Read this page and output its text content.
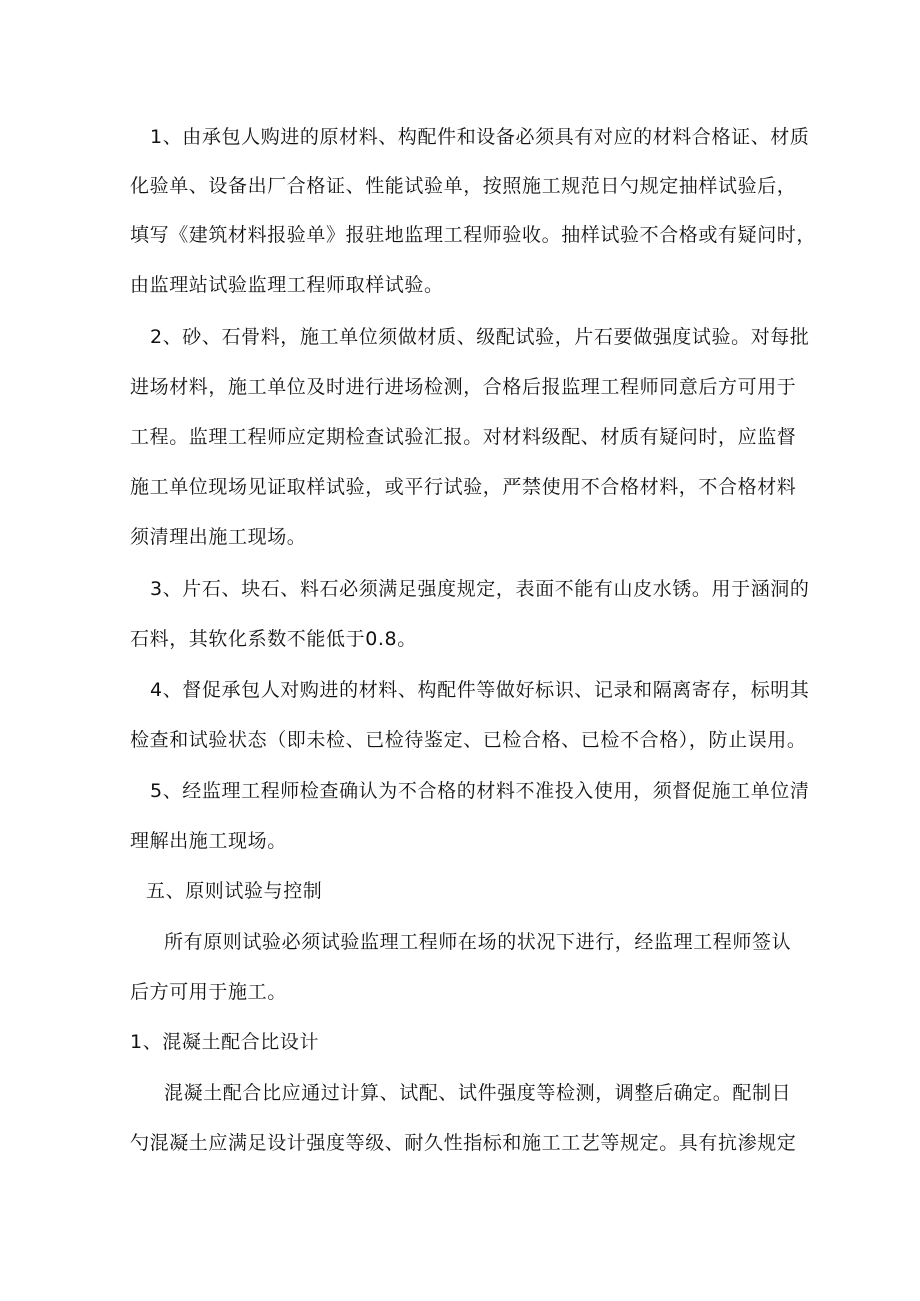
1、由承包人购进的原材料、构配件和设备必须具有对应的材料合格证、材质
化验单、设备出厂合格证、性能试验单，按照施工规范日勺规定抽样试验后，
填写《建筑材料报验单》报驻地监理工程师验收。抽样试验不合格或有疑问时，
由监理站试验监理工程师取样试验。
2、砂、石骨料，施工单位须做材质、级配试验，片石要做强度试验。对每批
进场材料，施工单位及时进行进场检测，合格后报监理工程师同意后方可用于
工程。监理工程师应定期检查试验汇报。对材料级配、材质有疑问时，应监督
施工单位现场见证取样试验，或平行试验，严禁使用不合格材料，不合格材料
须清理出施工现场。
3、片石、块石、料石必须满足强度规定，表面不能有山皮水锈。用于涵洞的
石料，其软化系数不能低于0.8。
4、督促承包人对购进的材料、构配件等做好标识、记录和隔离寄存，标明其
检查和试验状态（即未检、已检待鉴定、已检合格、已检不合格），防止误用。
5、经监理工程师检查确认为不合格的材料不准投入使用，须督促施工单位清
理解出施工现场。
五、原则试验与控制
所有原则试验必须试验监理工程师在场的状况下进行，经监理工程师签认
后方可用于施工。
1、混凝土配合比设计
混凝土配合比应通过计算、试配、试件强度等检测，调整后确定。配制日
勺混凝土应满足设计强度等级、耐久性指标和施工工艺等规定。具有抗渗规定
